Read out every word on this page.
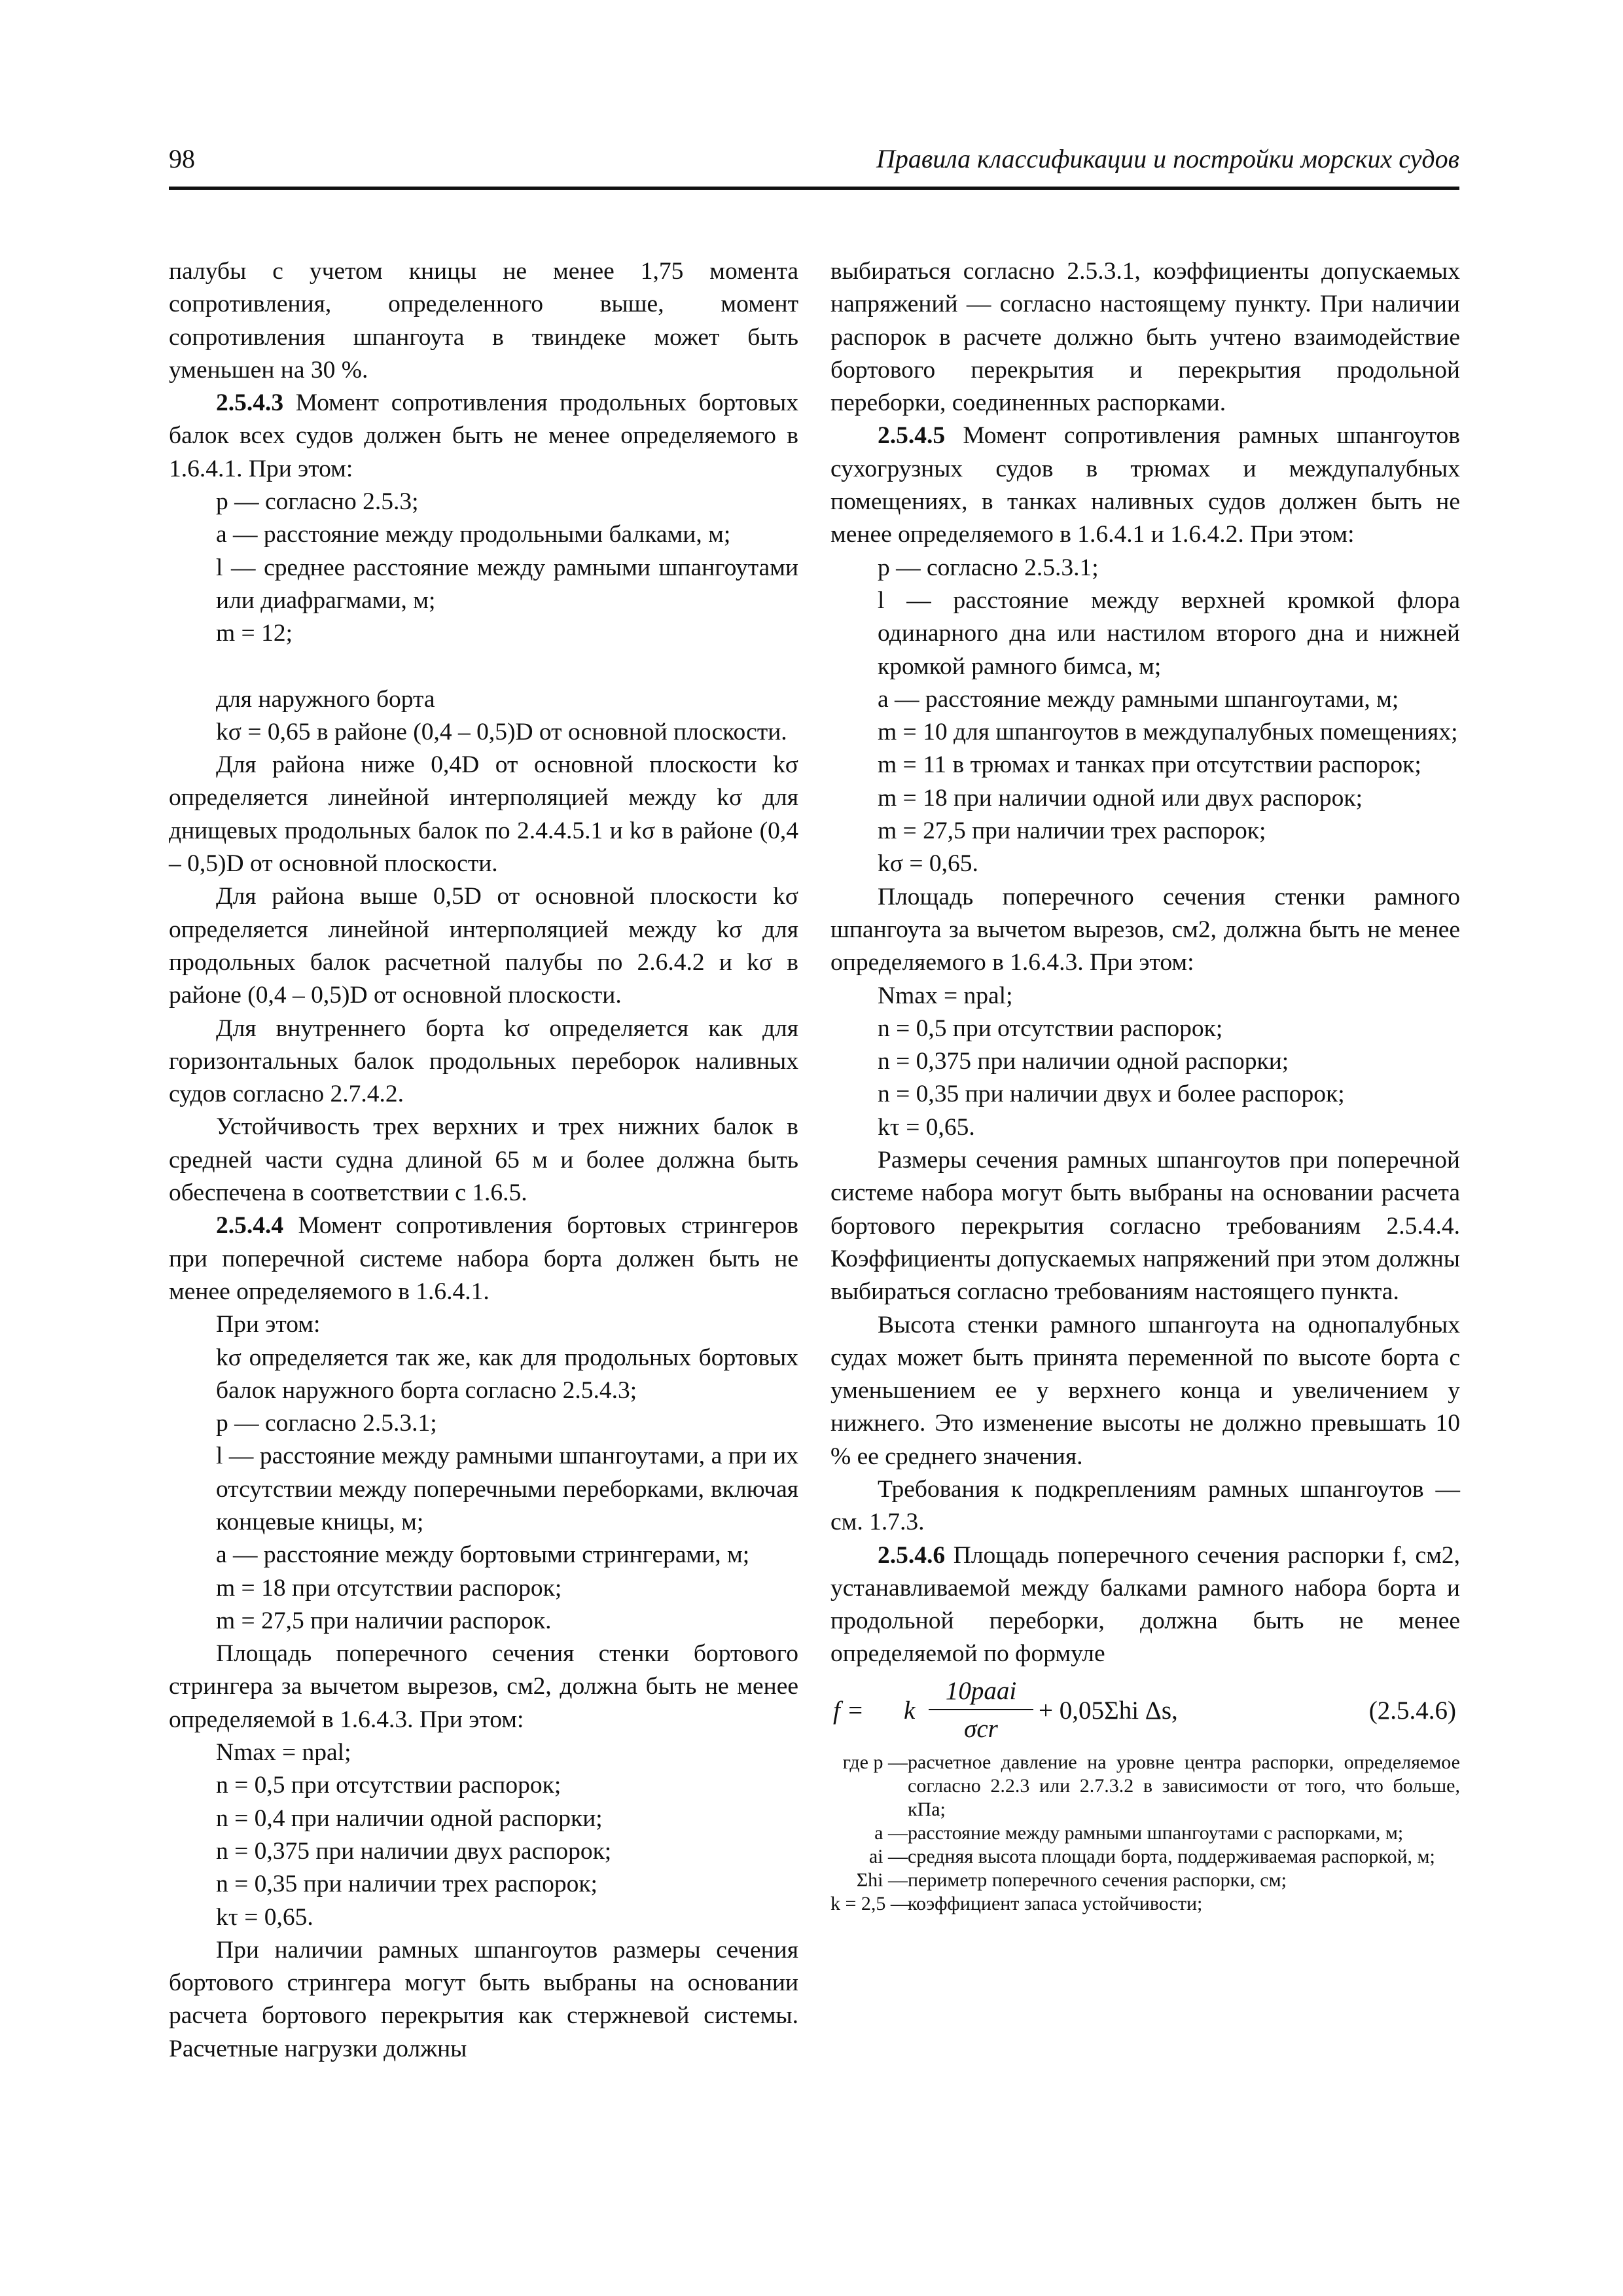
98	Правила классификации и постройки морских судов

палубы с учетом кницы не менее 1,75 момента сопротивления, определенного выше, момент сопротивления шпангоута в твиндеке может быть уменьшен на 30 %.

2.5.4.3 Момент сопротивления продольных бортовых балок всех судов должен быть не менее определяемого в 1.6.4.1. При этом:

p — согласно 2.5.3;

a — расстояние между продольными балками, м;

l — среднее расстояние между рамными шпангоутами или диафрагмами, м;

m = 12;

для наружного борта

kσ = 0,65 в районе (0,4 – 0,5)D от основной плоскости.

Для района ниже 0,4D от основной плоскости kσ определяется линейной интерполяцией между kσ для днищевых продольных балок по 2.4.4.5.1 и kσ в районе (0,4 – 0,5)D от основной плоскости.

Для района выше 0,5D от основной плоскости kσ определяется линейной интерполяцией между kσ для продольных балок расчетной палубы по 2.6.4.2 и kσ в районе (0,4 – 0,5)D от основной плоскости.

Для внутреннего борта kσ определяется как для горизонтальных балок продольных переборок наливных судов согласно 2.7.4.2.

Устойчивость трех верхних и трех нижних балок в средней части судна длиной 65 м и более должна быть обеспечена в соответствии с 1.6.5.

2.5.4.4 Момент сопротивления бортовых стрингеров при поперечной системе набора борта должен быть не менее определяемого в 1.6.4.1.

При этом:

kσ определяется так же, как для продольных бортовых балок наружного борта согласно 2.5.4.3;

p — согласно 2.5.3.1;

l — расстояние между рамными шпангоутами, а при их отсутствии между поперечными переборками, включая концевые кницы, м;

a — расстояние между бортовыми стрингерами, м;

m = 18 при отсутствии распорок;

m = 27,5 при наличии распорок.

Площадь поперечного сечения стенки бортового стрингера за вычетом вырезов, см2, должна быть не менее определяемой в 1.6.4.3. При этом:

Nmax = npal;

n = 0,5 при отсутствии распорок;

n = 0,4 при наличии одной распорки;

n = 0,375 при наличии двух распорок;

n = 0,35 при наличии трех распорок;

kτ = 0,65.

При наличии рамных шпангоутов размеры сечения бортового стрингера могут быть выбраны на основании расчета бортового перекрытия как стержневой системы. Расчетные нагрузки должны

выбираться согласно 2.5.3.1, коэффициенты допускаемых напряжений — согласно настоящему пункту. При наличии распорок в расчете должно быть учтено взаимодействие бортового перекрытия и перекрытия продольной переборки, соединенных распорками.

2.5.4.5 Момент сопротивления рамных шпангоутов сухогрузных судов в трюмах и междупалубных помещениях, в танках наливных судов должен быть не менее определяемого в 1.6.4.1 и 1.6.4.2. При этом:

p — согласно 2.5.3.1;

l — расстояние между верхней кромкой флора одинарного дна или настилом второго дна и нижней кромкой рамного бимса, м;

a — расстояние между рамными шпангоутами, м;

m = 10 для шпангоутов в междупалубных помещениях;

m = 11 в трюмах и танках при отсутствии распорок;

m = 18 при наличии одной или двух распорок;

m = 27,5 при наличии трех распорок;

kσ = 0,65.

Площадь поперечного сечения стенки рамного шпангоута за вычетом вырезов, см2, должна быть не менее определяемого в 1.6.4.3. При этом:

Nmax = npal;

n = 0,5 при отсутствии распорок;

n = 0,375 при наличии одной распорки;

n = 0,35 при наличии двух и более распорок;

kτ = 0,65.

Размеры сечения рамных шпангоутов при поперечной системе набора могут быть выбраны на основании расчета бортового перекрытия согласно требованиям 2.5.4.4. Коэффициенты допускаемых напряжений при этом должны выбираться согласно требованиям настоящего пункта.

Высота стенки рамного шпангоута на однопалубных судах может быть принята переменной по высоте борта с уменьшением ее у верхнего конца и увеличением у нижнего. Это изменение высоты не должно превышать 10 % ее среднего значения.

Требования к подкреплениям рамных шпангоутов — см. 1.7.3.

2.5.4.6 Площадь поперечного сечения распорки f, см2, устанавливаемой между балками рамного набора борта и продольной переборки, должна быть не менее определяемой по формуле

f = k
10paai
σcr
+ 0,05Σhi Δs,	(2.5.4.6)
где p — расчетное давление на уровне центра распорки, определяемое согласно 2.2.3 или 2.7.3.2 в зависимости от того, что больше, кПа;
a — расстояние между рамными шпангоутами с распорками, м;
ai — средняя высота площади борта, поддерживаемая распоркой, м;
Σhi — периметр поперечного сечения распорки, см;
k = 2,5 —
коэффициент запаса устойчивости;
